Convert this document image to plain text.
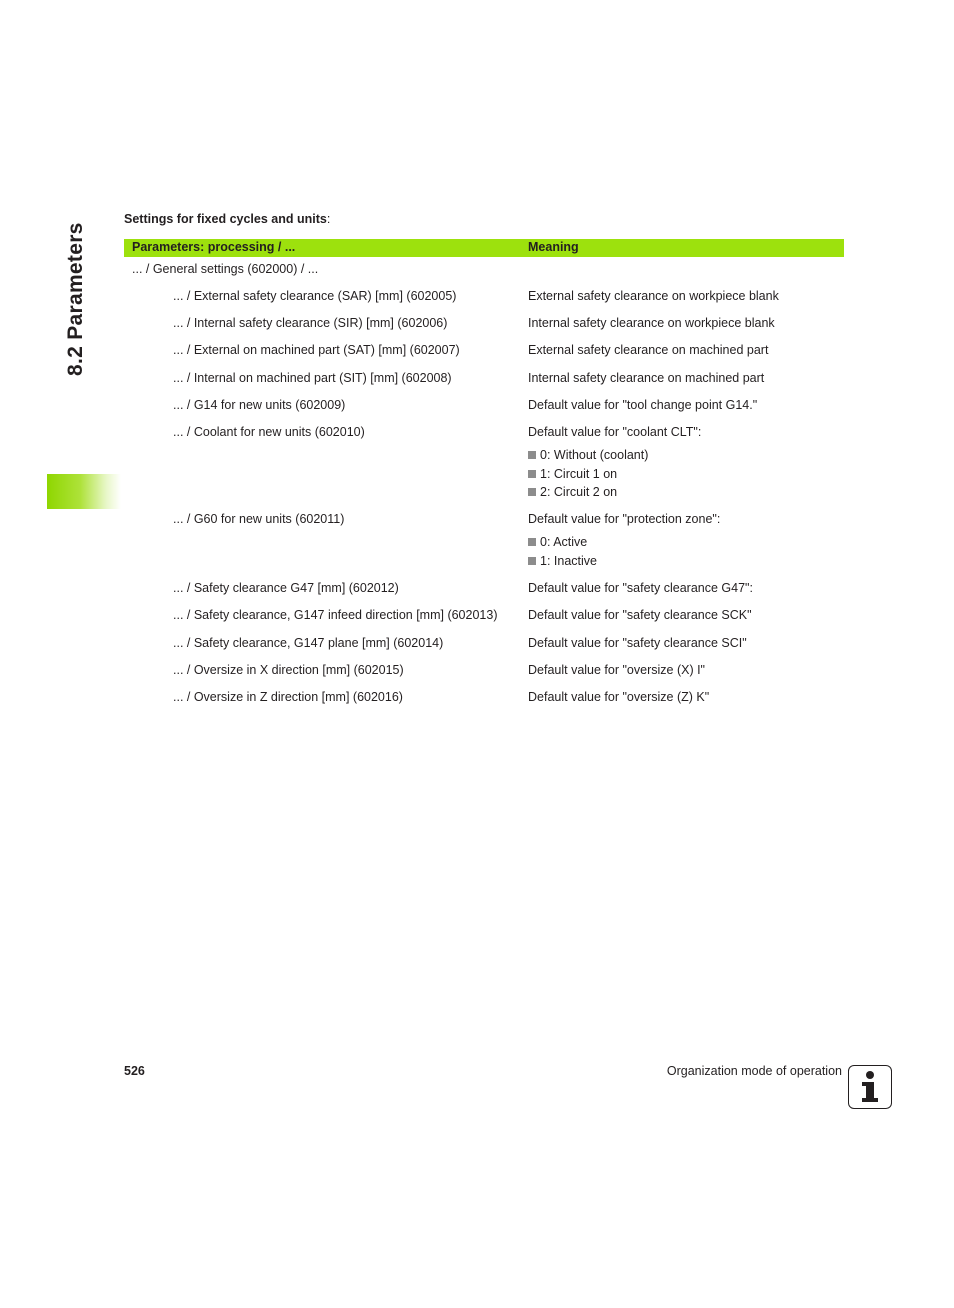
8.2 Parameters
Settings for fixed cycles and units:
Parameters: processing / ...	Meaning
... / General settings (602000) / ...
... / External safety clearance (SAR) [mm] (602005)	External safety clearance on workpiece blank
... / Internal safety clearance (SIR) [mm] (602006)	Internal safety clearance on workpiece blank
... / External on machined part (SAT) [mm] (602007)	External safety clearance on machined part
... / Internal on machined part (SIT) [mm] (602008)	Internal safety clearance on machined part
... / G14 for new units (602009)	Default value for "tool change point G14."
... / Coolant for new units (602010)	Default value for "coolant CLT":
0: Without (coolant)
1: Circuit 1 on
2: Circuit 2 on
... / G60 for new units (602011)	Default value for "protection zone":
0: Active
1: Inactive
... / Safety clearance G47 [mm] (602012)	Default value for "safety clearance G47":
... / Safety clearance, G147 infeed direction [mm] (602013) Default value for "safety clearance SCK"
... / Safety clearance, G147 plane [mm] (602014)	Default value for "safety clearance SCI"
... / Oversize in X direction [mm] (602015)	Default value for "oversize (X) I"
... / Oversize in Z direction [mm] (602016)	Default value for "oversize (Z) K"
526	Organization mode of operation
